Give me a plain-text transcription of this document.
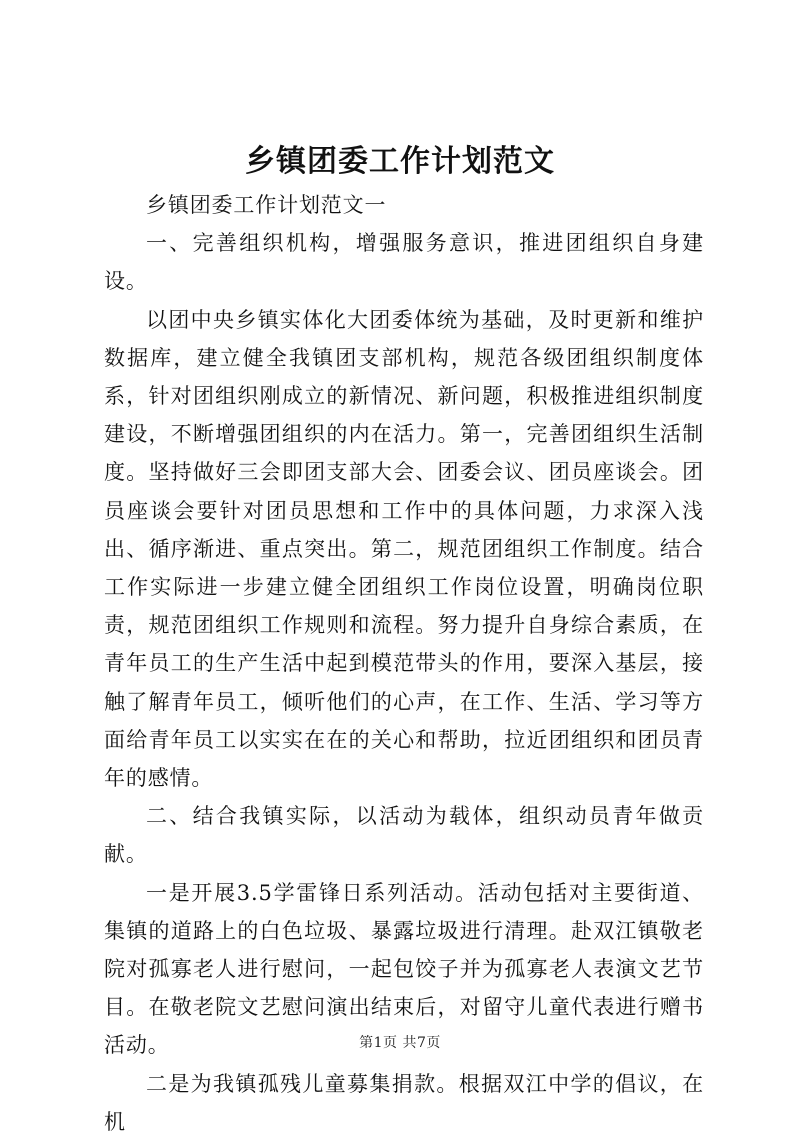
乡镇团委工作计划范文

乡镇团委工作计划范文一

一、完善组织机构，增强服务意识，推进团组织自身建设。

以团中央乡镇实体化大团委体统为基础，及时更新和维护数据库，建立健全我镇团支部机构，规范各级团组织制度体系，针对团组织刚成立的新情况、新问题，积极推进组织制度建设，不断增强团组织的内在活力。第一，完善团组织生活制度。坚持做好三会即团支部大会、团委会议、团员座谈会。团员座谈会要针对团员思想和工作中的具体问题，力求深入浅出、循序渐进、重点突出。第二，规范团组织工作制度。结合工作实际进一步建立健全团组织工作岗位设置，明确岗位职责，规范团组织工作规则和流程。努力提升自身综合素质，在青年员工的生产生活中起到模范带头的作用，要深入基层，接触了解青年员工，倾听他们的心声，在工作、生活、学习等方面给青年员工以实实在在的关心和帮助，拉近团组织和团员青年的感情。

二、结合我镇实际，以活动为载体，组织动员青年做贡献。

一是开展3.5学雷锋日系列活动。活动包括对主要街道、集镇的道路上的白色垃圾、暴露垃圾进行清理。赴双江镇敬老院对孤寡老人进行慰问，一起包饺子并为孤寡老人表演文艺节目。在敬老院文艺慰问演出结束后，对留守儿童代表进行赠书活动。

二是为我镇孤残儿童募集捐款。根据双江中学的倡议，在机

第1页 共7页
